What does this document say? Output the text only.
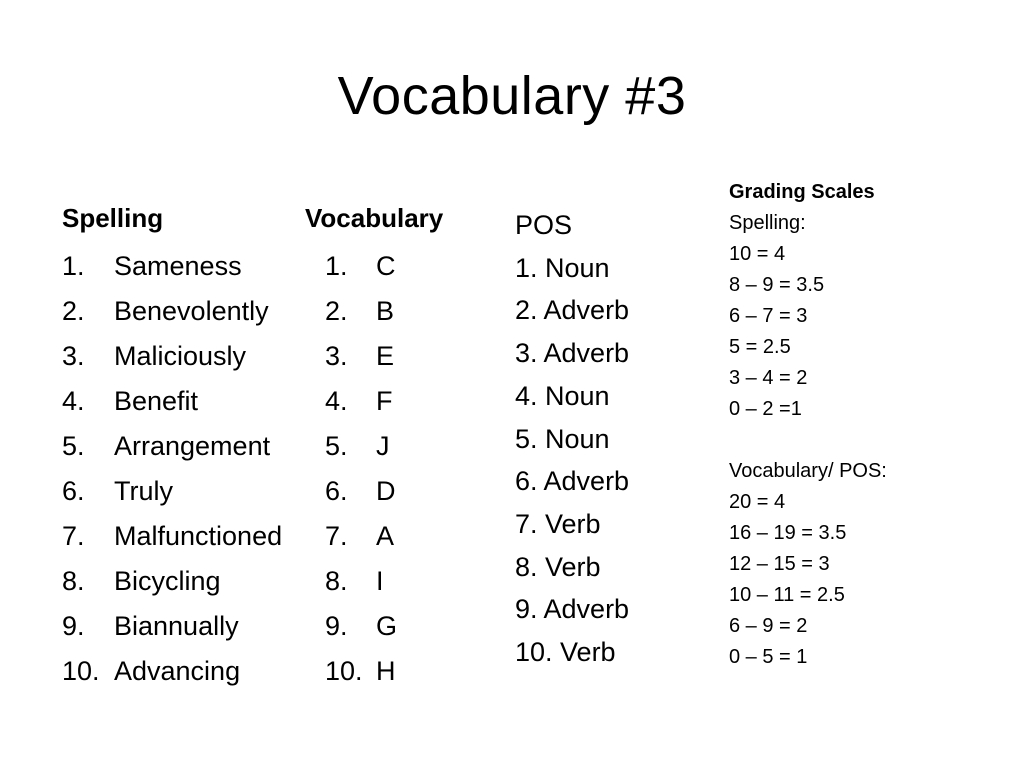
Vocabulary #3
Spelling	Vocabulary
1. Sameness
2. Benevolently
3. Maliciously
4. Benefit
5. Arrangement
6. Truly
7. Malfunctioned
8. Bicycling
9. Biannually
10. Advancing
1. C
2. B
3. E
4. F
5. J
6. D
7. A
8. I
9. G
10. H
POS
1. Noun
2. Adverb
3. Adverb
4. Noun
5. Noun
6. Adverb
7. Verb
8. Verb
9. Adverb
10. Verb
Grading Scales
Spelling:
10 = 4
8 – 9 = 3.5
6 – 7 = 3
5 = 2.5
3 – 4 = 2
0 – 2 =1
Vocabulary/ POS:
20 = 4
16 – 19 = 3.5
12 – 15 = 3
10 – 11 = 2.5
6 – 9 = 2
0 – 5 = 1
